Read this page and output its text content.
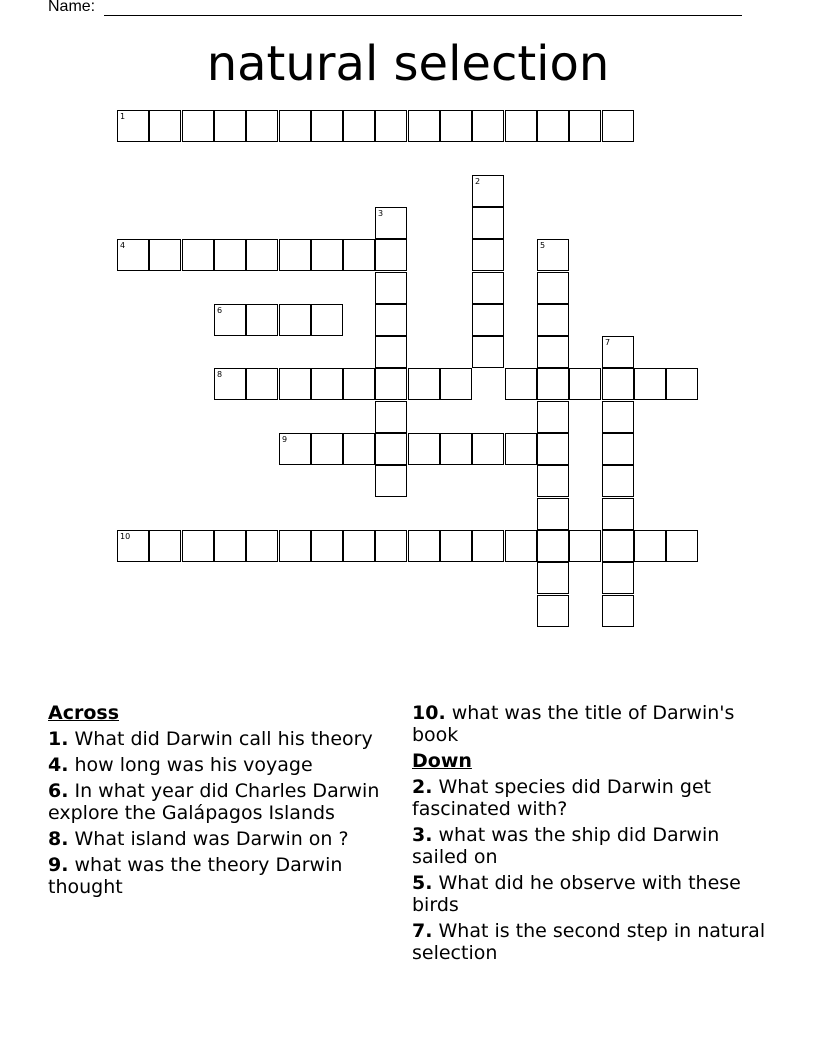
Name:
natural selection
1
2
3
4	5
6
7
8
9
10
Across
1. What did Darwin call his theory
4. how long was his voyage
6. In what year did Charles Darwin explore the Galápagos Islands
8. What island was Darwin on ?
9. what was the theory Darwin thought
10. what was the title of Darwin's book
Down
2. What species did Darwin get fascinated with?
3. what was the ship did Darwin sailed on
5. What did he observe with these birds
7. What is the second step in natural selection
